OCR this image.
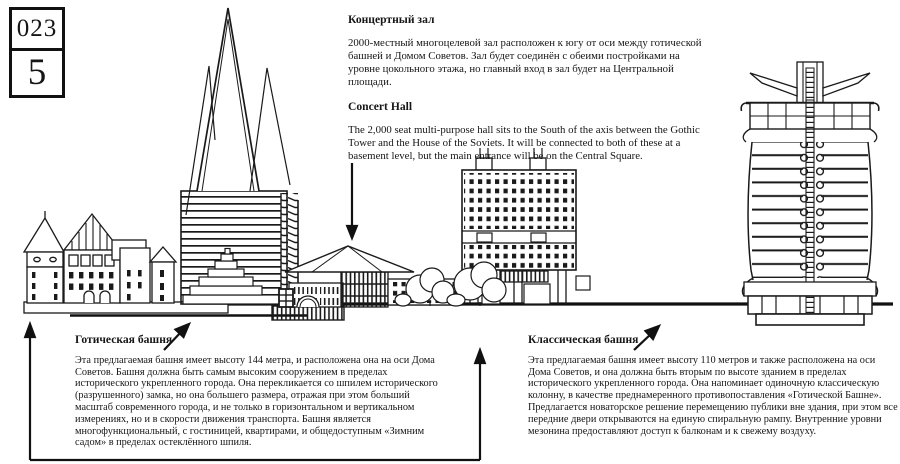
023
5
Концертный зал

2000-местный многоцелевой зал расположен к югу от оси между готической башней и Домом Советов. Зал будет соединён с обеими постройками на уровне цокольного этажа, но главный вход в зал будет на Центральной площади.

Concert Hall

The 2,000 seat multi-purpose hall sits to the South of the axis between the Gothic Tower and the House of the Soviets. It will be connected to both of these at a basement level, but the main entrance will be on the Central Square.

Готическая башня

Эта предлагаемая башня имеет высоту 144 метра, и расположена она на оси Дома Советов. Башня должна быть самым высоким сооружением в пределах исторического укрепленного города. Она перекликается со шпилем исторического (разрушенного) замка, но она большего размера, отражая при этом больший масштаб современного города, и не только в горизонтальном и вертикальном измерениях, но и в скорости движения транспорта. Башня является многофункциональный, с гостиницей, квартирами, и общедоступным «Зимним садом» в пределах остеклённого шпиля.

Классическая башня

Эта предлагаемая башня имеет высоту 110 метров и также расположена на оси Дома Советов, и она должна быть вторым по высоте зданием в пределах исторического укрепленного города. Она напоминает одиночную классическую колонну, в качестве преднамеренного противопоставления «Готической Башне». Предлагается новаторское решение перемещению публики вне здания, при этом все передние двери открываются на единую спиральную рампу. Внутренние уровни мезонина предоставляют доступ к балконам и к свежему воздуху.
